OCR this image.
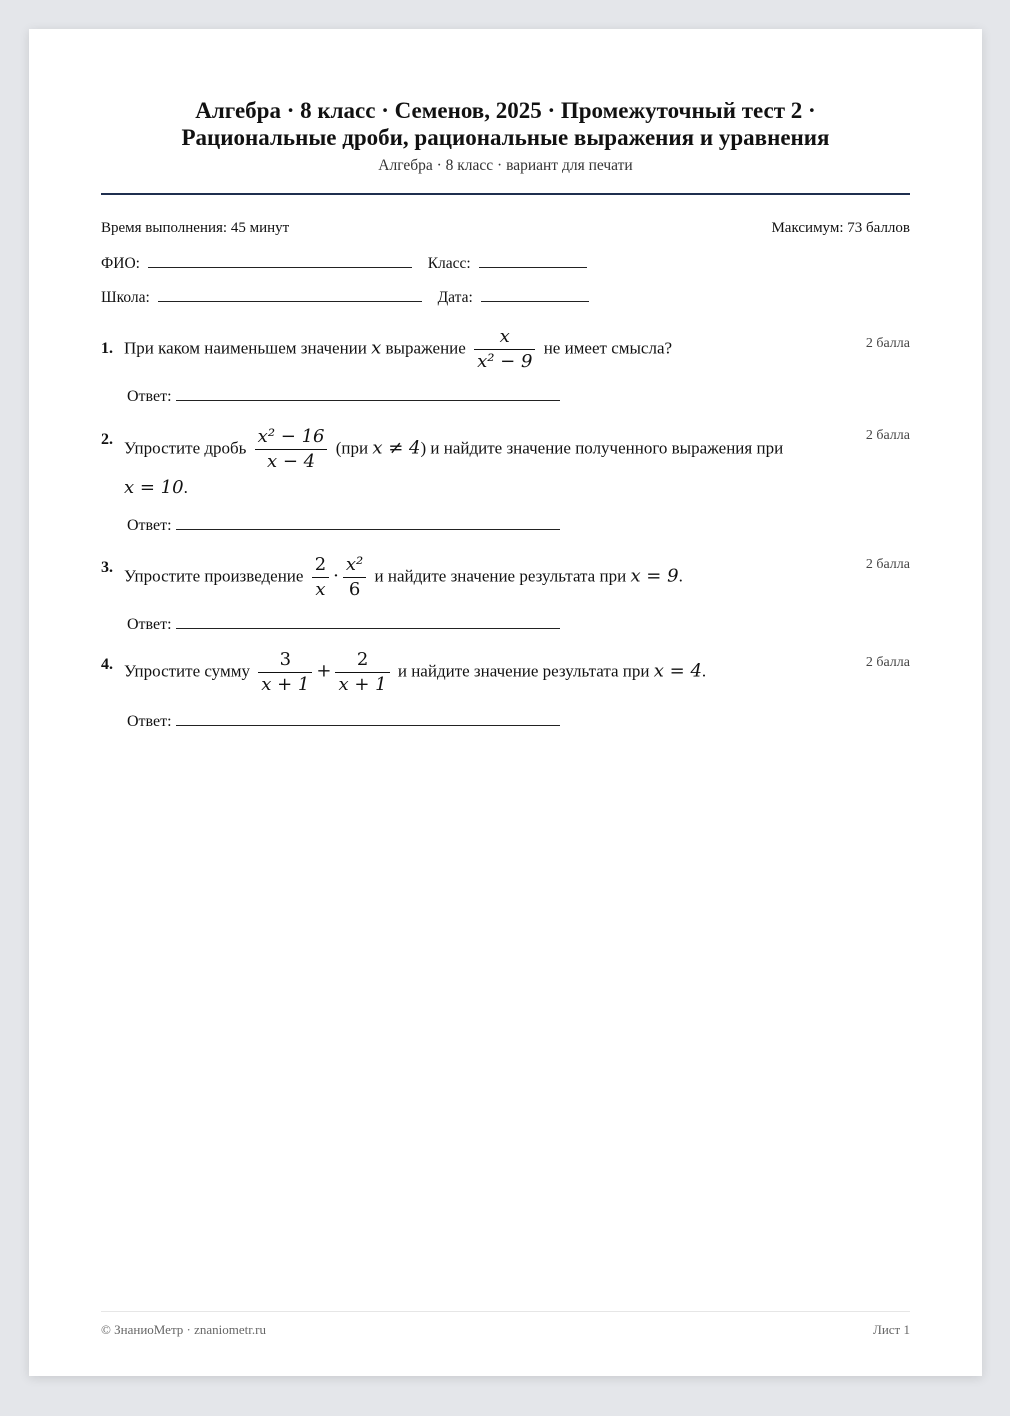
Алгебра · 8 класс · Семенов, 2025 · Промежуточный тест 2 ·
Рациональные дроби, рациональные выражения и уравнения
Алгебра · 8 класс · вариант для печати
Время выполнения: 45 минут	Максимум: 73 баллов
ФИО:	Класс:
Школа:	Дата:
1.	2 балла
При каком наименьшем значении x выражение $\frac{x}{\text{x² − 9}}$ не имеет смысла?
Ответ:
2.	2 балла
Упростите дробь $\frac{\text{x² − 16}}{x - 4} (при$ x ≠ 4) и найдите значение полученного выражения при
x = 10.
Ответ:
3.	2 балла
Упростите произведение $\frac{2}{x} \cdot \frac{\text{x²}}{6}$ и найдите значение результата при x = 9.
Ответ:
4.	2 балла
Упростите сумму $\frac{3}{x + 1} + \frac{2}{x + 1}$ и найдите значение результата при x = 4.
Ответ:
© ЗнаниоМетр · znaniometr.ru	Лист 1
